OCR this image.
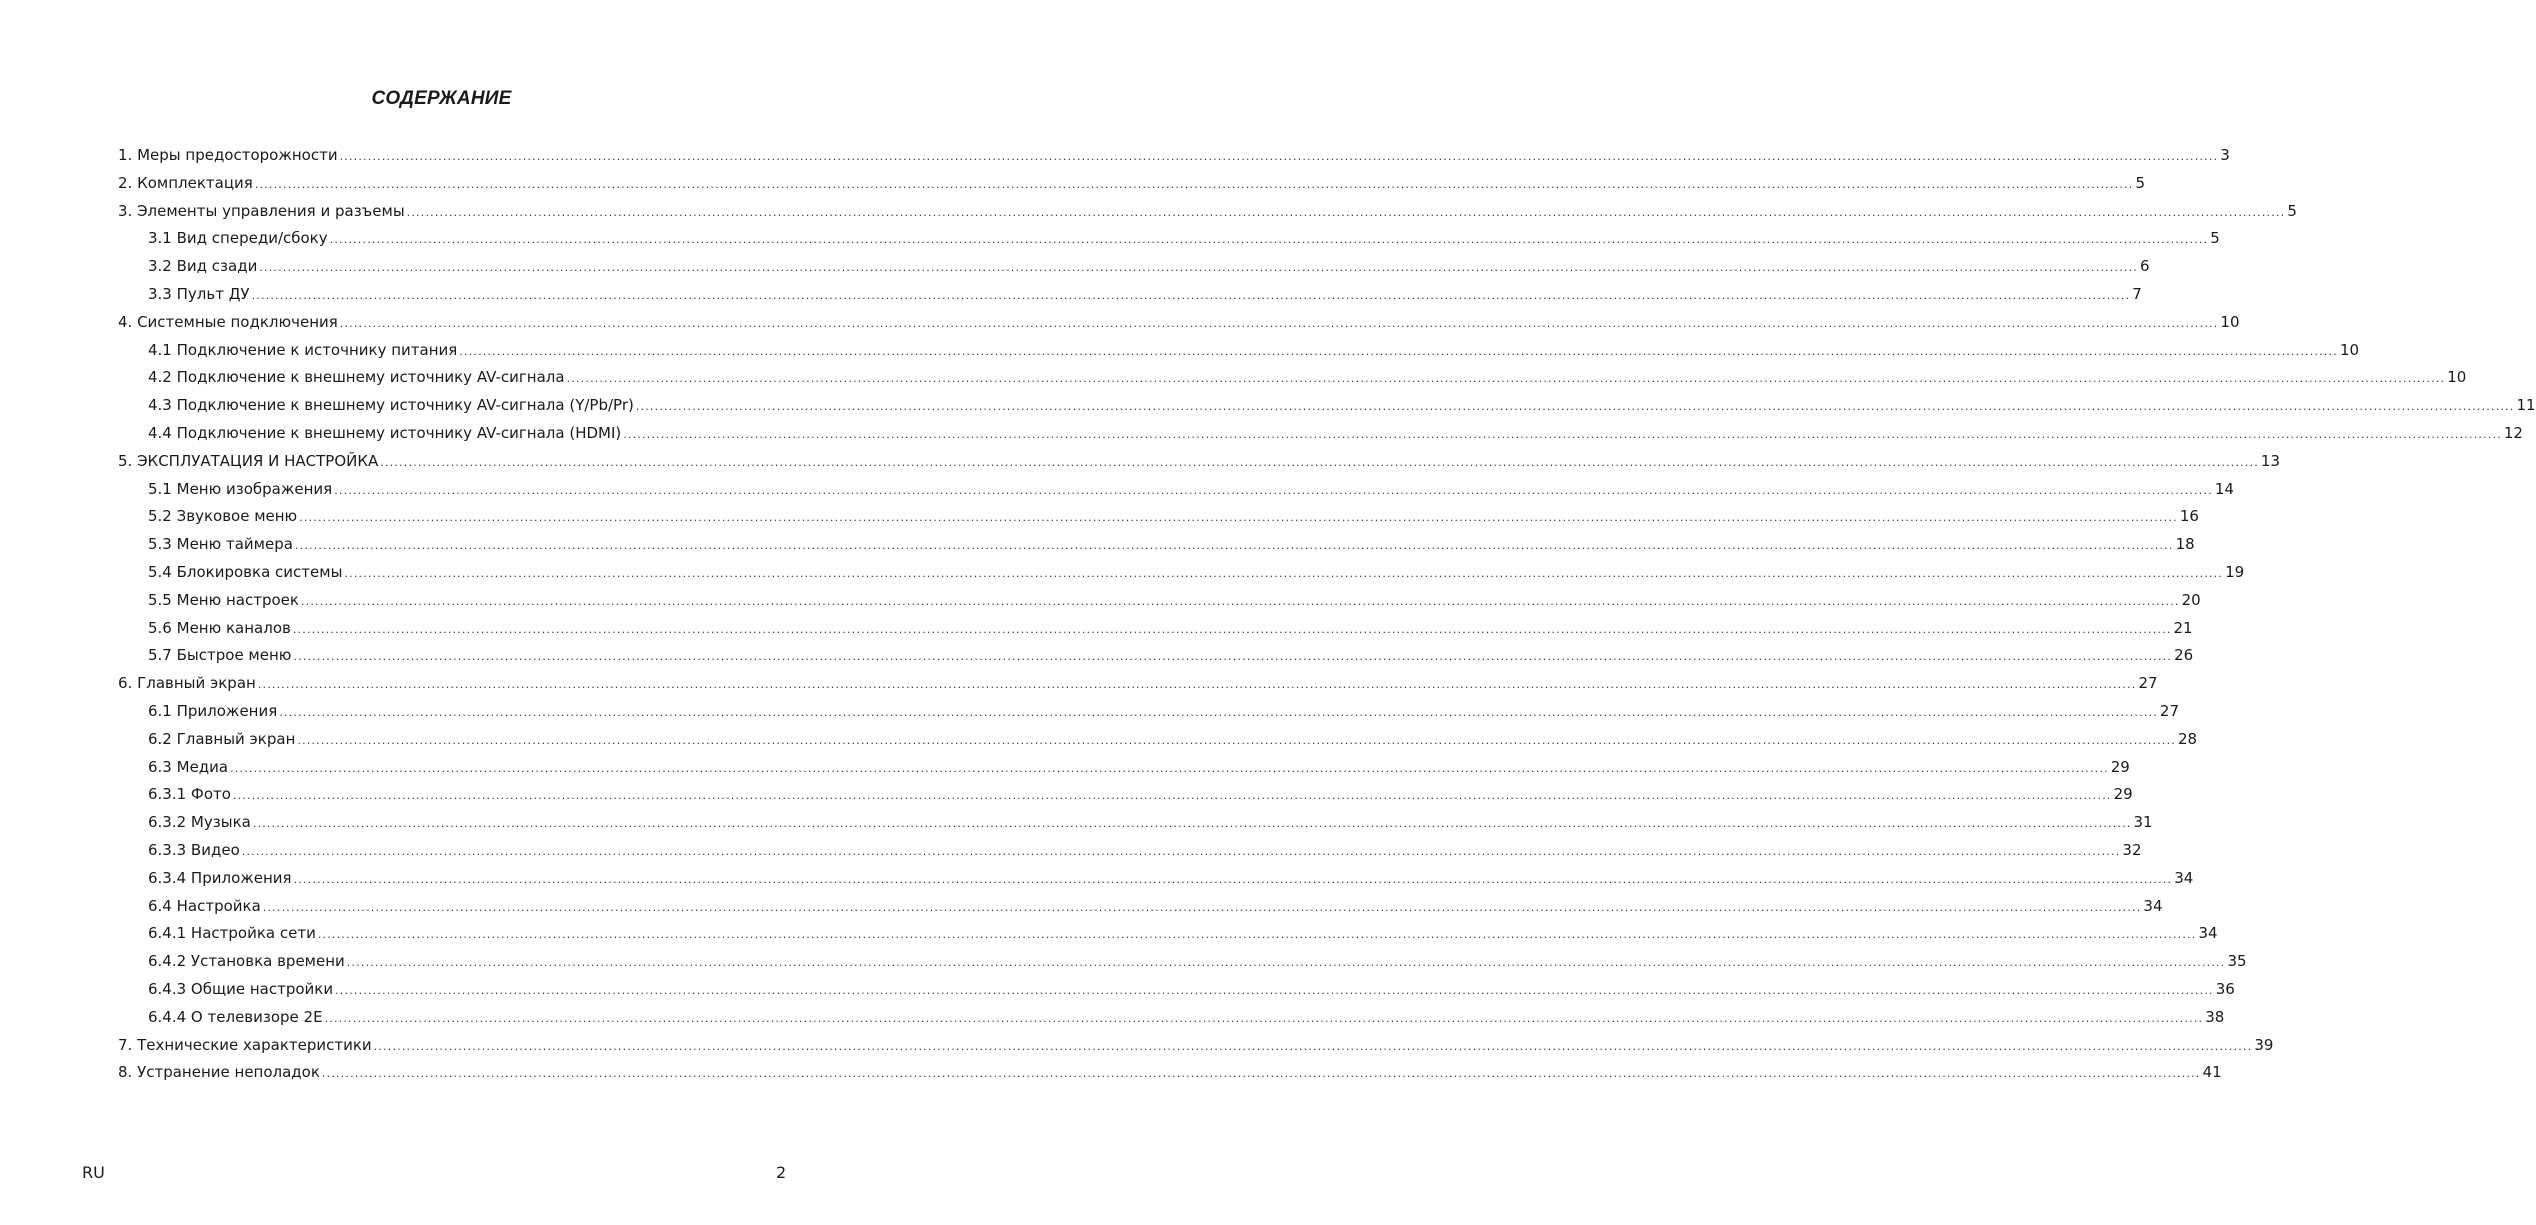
СОДЕРЖАНИЕ
1. Меры предосторожности ................................................................................................................................................................................................................................................................................................................................................................................................................ 3
2. Комплектация ................................................................................................................................................................................................................................................................................................................................................................................................................ 5
3. Элементы управления и разъемы ................................................................................................................................................................................................................................................................................................................................................................................................................ 5
3.1 Вид спереди/сбоку ................................................................................................................................................................................................................................................................................................................................................................................................................ 5
3.2 Вид сзади ................................................................................................................................................................................................................................................................................................................................................................................................................ 6
3.3 Пульт ДУ ................................................................................................................................................................................................................................................................................................................................................................................................................ 7
4. Системные подключения ................................................................................................................................................................................................................................................................................................................................................................................................................ 10
4.1 Подключение к источнику питания ................................................................................................................................................................................................................................................................................................................................................................................................................ 10
4.2 Подключение к внешнему источнику AV-сигнала ................................................................................................................................................................................................................................................................................................................................................................................................................ 10
4.3 Подключение к внешнему источнику AV-сигнала (Y/Pb/Pr) ................................................................................................................................................................................................................................................................................................................................................................................................................ 11
4.4 Подключение к внешнему источнику AV-сигнала (HDMI) ................................................................................................................................................................................................................................................................................................................................................................................................................ 12
5. ЭКСПЛУАТАЦИЯ И НАСТРОЙКА ................................................................................................................................................................................................................................................................................................................................................................................................................ 13
5.1 Меню изображения ................................................................................................................................................................................................................................................................................................................................................................................................................ 14
5.2 Звуковое меню ................................................................................................................................................................................................................................................................................................................................................................................................................ 16
5.3 Меню таймера ................................................................................................................................................................................................................................................................................................................................................................................................................ 18
5.4 Блокировка системы ................................................................................................................................................................................................................................................................................................................................................................................................................ 19
5.5 Меню настроек ................................................................................................................................................................................................................................................................................................................................................................................................................ 20
5.6 Меню каналов ................................................................................................................................................................................................................................................................................................................................................................................................................ 21
5.7 Быстрое меню ................................................................................................................................................................................................................................................................................................................................................................................................................ 26
6. Главный экран ................................................................................................................................................................................................................................................................................................................................................................................................................ 27
6.1 Приложения ................................................................................................................................................................................................................................................................................................................................................................................................................ 27
6.2 Главный экран ................................................................................................................................................................................................................................................................................................................................................................................................................ 28
6.3 Медиа ................................................................................................................................................................................................................................................................................................................................................................................................................ 29
6.3.1 Фото ................................................................................................................................................................................................................................................................................................................................................................................................................ 29
6.3.2 Музыка ................................................................................................................................................................................................................................................................................................................................................................................................................ 31
6.3.3 Видео ................................................................................................................................................................................................................................................................................................................................................................................................................ 32
6.3.4 Приложения ................................................................................................................................................................................................................................................................................................................................................................................................................ 34
6.4 Настройка ................................................................................................................................................................................................................................................................................................................................................................................................................ 34
6.4.1 Настройка сети ................................................................................................................................................................................................................................................................................................................................................................................................................ 34
6.4.2 Установка времени ................................................................................................................................................................................................................................................................................................................................................................................................................ 35
6.4.3 Общие настройки ................................................................................................................................................................................................................................................................................................................................................................................................................ 36
6.4.4 О телевизоре 2E ................................................................................................................................................................................................................................................................................................................................................................................................................ 38
7. Технические характеристики ................................................................................................................................................................................................................................................................................................................................................................................................................ 39
8. Устранение неполадок ................................................................................................................................................................................................................................................................................................................................................................................................................ 41
RU	2
